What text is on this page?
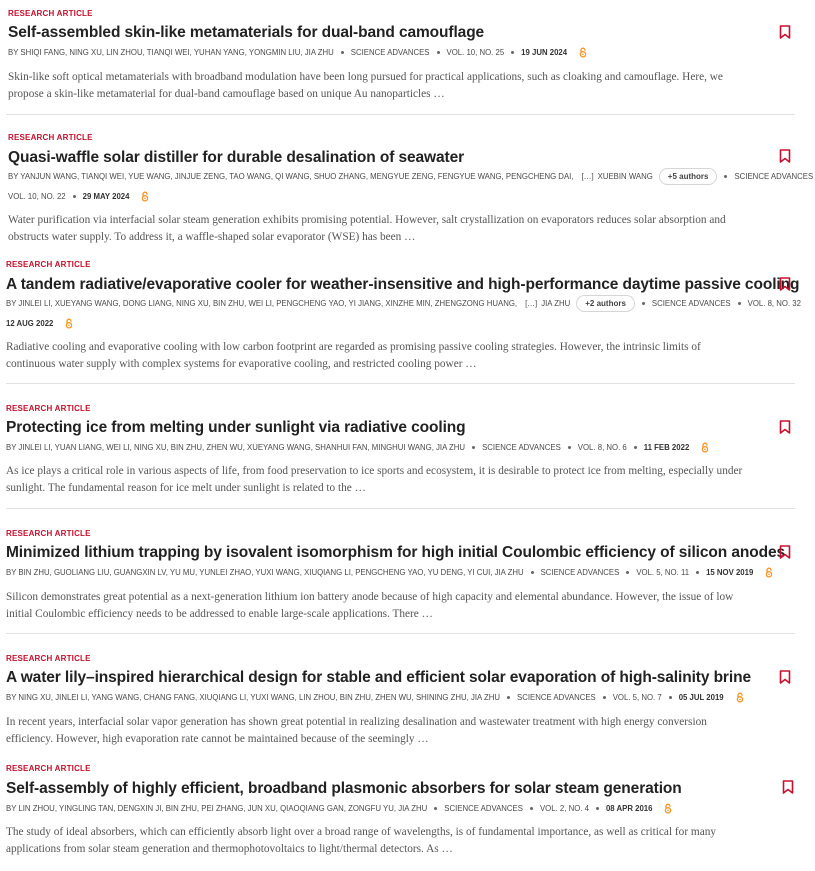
RESEARCH ARTICLE
Self-assembled skin-like metamaterials for dual-band camouflage
BY SHIQI FANG, NING XU, LIN ZHOU, TIANQI WEI, YUHAN YANG, YONGMIN LIU, JIA ZHU SCIENCE ADVANCES VOL. 10, NO. 25 19 JUN 2024
Skin-like soft optical metamaterials with broadband modulation have been long pursued for practical applications, such as cloaking and camouflage. Here, we
propose a skin-like metamaterial for dual-band camouflage based on unique Au nanoparticles …
RESEARCH ARTICLE
Quasi-waffle solar distiller for durable desalination of seawater
BY YANJUN WANG, TIANQI WEI, YUE WANG, JINJUE ZENG, TAO WANG, QI WANG, SHUO ZHANG, MENGYUE ZENG, FENGYUE WANG, PENGCHENG DAI, […] XUEBIN WANG	+5 authors	SCIENCE ADVANCES
VOL. 10, NO. 22 29 MAY 2024
Water purification via interfacial solar steam generation exhibits promising potential. However, salt crystallization on evaporators reduces solar absorption and
obstructs water supply. To address it, a waffle-shaped solar evaporator (WSE) has been …
RESEARCH ARTICLE
A tandem radiative/evaporative cooler for weather-insensitive and high-performance daytime passive cooling
BY JINLEI LI, XUEYANG WANG, DONG LIANG, NING XU, BIN ZHU, WEI LI, PENGCHENG YAO, YI JIANG, XINZHE MIN, ZHENGZONG HUANG, […] JIA ZHU	+2 authors	SCIENCE ADVANCES VOL. 8, NO. 32
12 AUG 2022
Radiative cooling and evaporative cooling with low carbon footprint are regarded as promising passive cooling strategies. However, the intrinsic limits of
continuous water supply with complex systems for evaporative cooling, and restricted cooling power …
RESEARCH ARTICLE
Protecting ice from melting under sunlight via radiative cooling
BY JINLEI LI, YUAN LIANG, WEI LI, NING XU, BIN ZHU, ZHEN WU, XUEYANG WANG, SHANHUI FAN, MINGHUI WANG, JIA ZHU SCIENCE ADVANCES VOL. 8, NO. 6 11 FEB 2022
As ice plays a critical role in various aspects of life, from food preservation to ice sports and ecosystem, it is desirable to protect ice from melting, especially under
sunlight. The fundamental reason for ice melt under sunlight is related to the …
RESEARCH ARTICLE
Minimized lithium trapping by isovalent isomorphism for high initial Coulombic efficiency of silicon anodes
BY BIN ZHU, GUOLIANG LIU, GUANGXIN LV, YU MU, YUNLEI ZHAO, YUXI WANG, XIUQIANG LI, PENGCHENG YAO, YU DENG, YI CUI, JIA ZHU SCIENCE ADVANCES VOL. 5, NO. 11 15 NOV 2019
Silicon demonstrates great potential as a next-generation lithium ion battery anode because of high capacity and elemental abundance. However, the issue of low
initial Coulombic efficiency needs to be addressed to enable large-scale applications. There …
RESEARCH ARTICLE
A water lily–inspired hierarchical design for stable and efficient solar evaporation of high-salinity brine
BY NING XU, JINLEI LI, YANG WANG, CHANG FANG, XIUQIANG LI, YUXI WANG, LIN ZHOU, BIN ZHU, ZHEN WU, SHINING ZHU, JIA ZHU SCIENCE ADVANCES VOL. 5, NO. 7 05 JUL 2019
In recent years, interfacial solar vapor generation has shown great potential in realizing desalination and wastewater treatment with high energy conversion
efficiency. However, high evaporation rate cannot be maintained because of the seemingly …
RESEARCH ARTICLE
Self-assembly of highly efficient, broadband plasmonic absorbers for solar steam generation
BY LIN ZHOU, YINGLING TAN, DENGXIN JI, BIN ZHU, PEI ZHANG, JUN XU, QIAOQIANG GAN, ZONGFU YU, JIA ZHU SCIENCE ADVANCES VOL. 2, NO. 4 08 APR 2016
The study of ideal absorbers, which can efficiently absorb light over a broad range of wavelengths, is of fundamental importance, as well as critical for many
applications from solar steam generation and thermophotovoltaics to light/thermal detectors. As …
